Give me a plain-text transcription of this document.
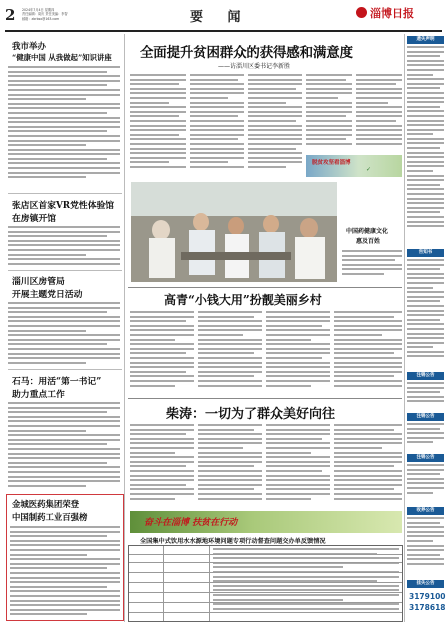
2 2024年7月4日 星期四
责任编辑：周庆 责任美编：李智
邮箱：zbrbsx@163.com	要 闻	淄博日报
我市举办
“健康中国 从我做起”知识讲座
张店区首家VR党性体验馆
在房镇开馆
淄川区房管局
开展主题党日活动
石马：用活“第一书记”
助力重点工作
金城医药集团荣登
中国制药工业百强榜
全面提升贫困群众的获得感和满意度
——访淄川区委书记李新胜
脱贫攻坚看淄博
✓
中国药健康文化
惠及百姓
高青“小钱大用”扮靓美丽乡村
柴涛：一切为了群众美好向往
奋斗在淄博 扶贫在行动
全国集中式饮用水水源地环境问题专项行动督查问题交办单反馈情况
遗失声明
告知书
注销公告
注销公告
注销公告
收养公告
挂失公告
3179100
3178618
